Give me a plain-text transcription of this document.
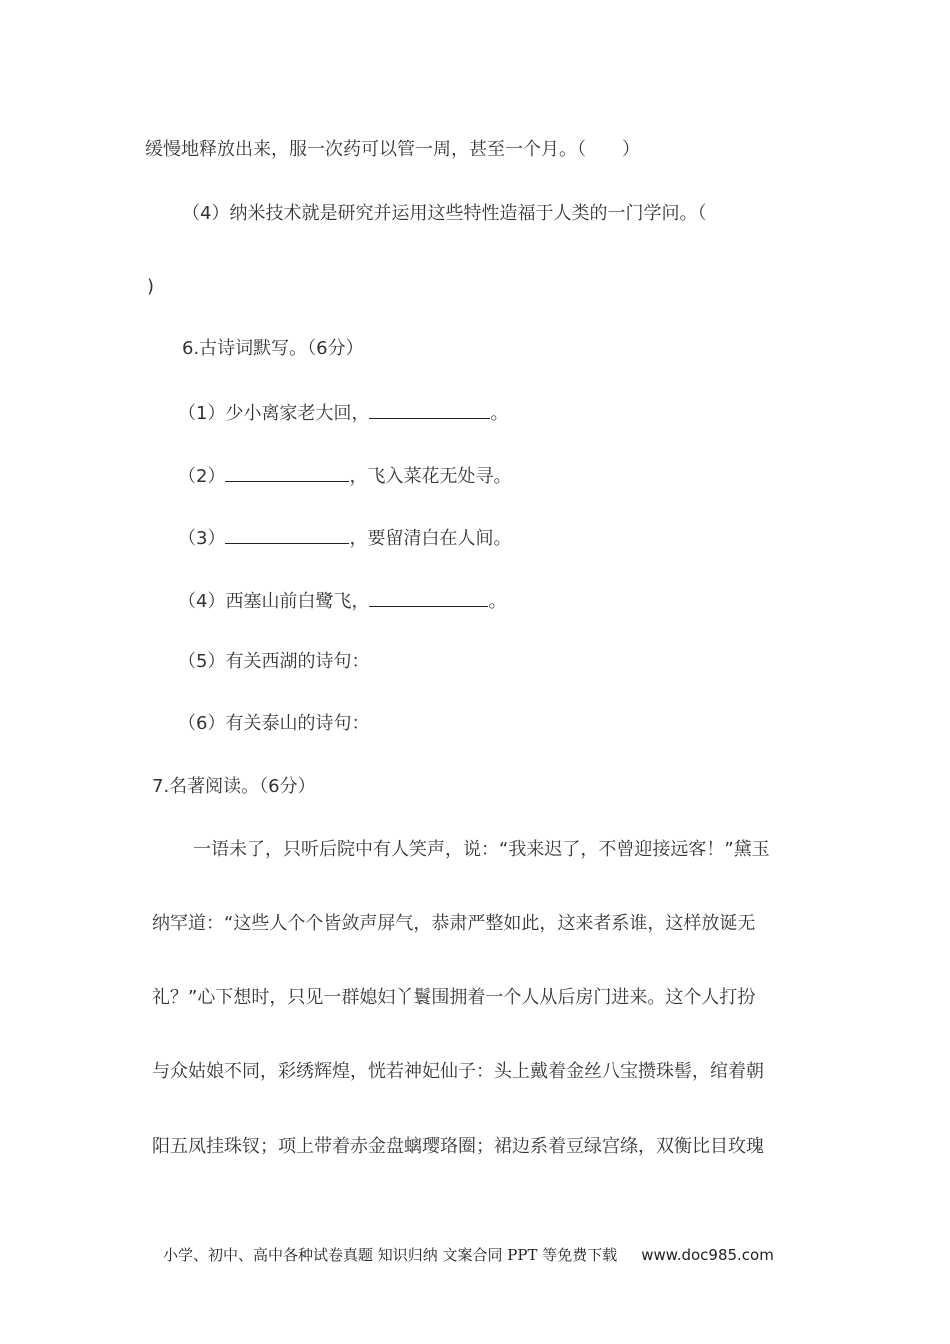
缓慢地释放出来，服一次药可以管一周，甚至一个月。（　　）
（4）纳米技术就是研究并运用这些特性造福于人类的一门学问。（
)
6.古诗词默写。（6分）
（1）少小离家老大回，	。
（2）	，飞入菜花无处寻。
（3）	，要留清白在人间。
（4）西塞山前白鹭飞，	。
（5）有关西湖的诗句：
（6）有关泰山的诗句：
7.名著阅读。（6分）
一语未了，只听后院中有人笑声，说：“我来迟了，不曾迎接远客！”黛玉
纳罕道：“这些人个个皆敛声屏气，恭肃严整如此，这来者系谁，这样放诞无
礼？”心下想时，只见一群媳妇丫鬟围拥着一个人从后房门进来。这个人打扮
与众姑娘不同，彩绣辉煌，恍若神妃仙子：头上戴着金丝八宝攒珠髻，绾着朝
阳五凤挂珠钗；项上带着赤金盘螭璎珞圈；裙边系着豆绿宫绦，双衡比目玫瑰
小学、初中、高中各种试卷真题 知识归纳 文案合同 PPT 等免费下载 www.doc985.com
